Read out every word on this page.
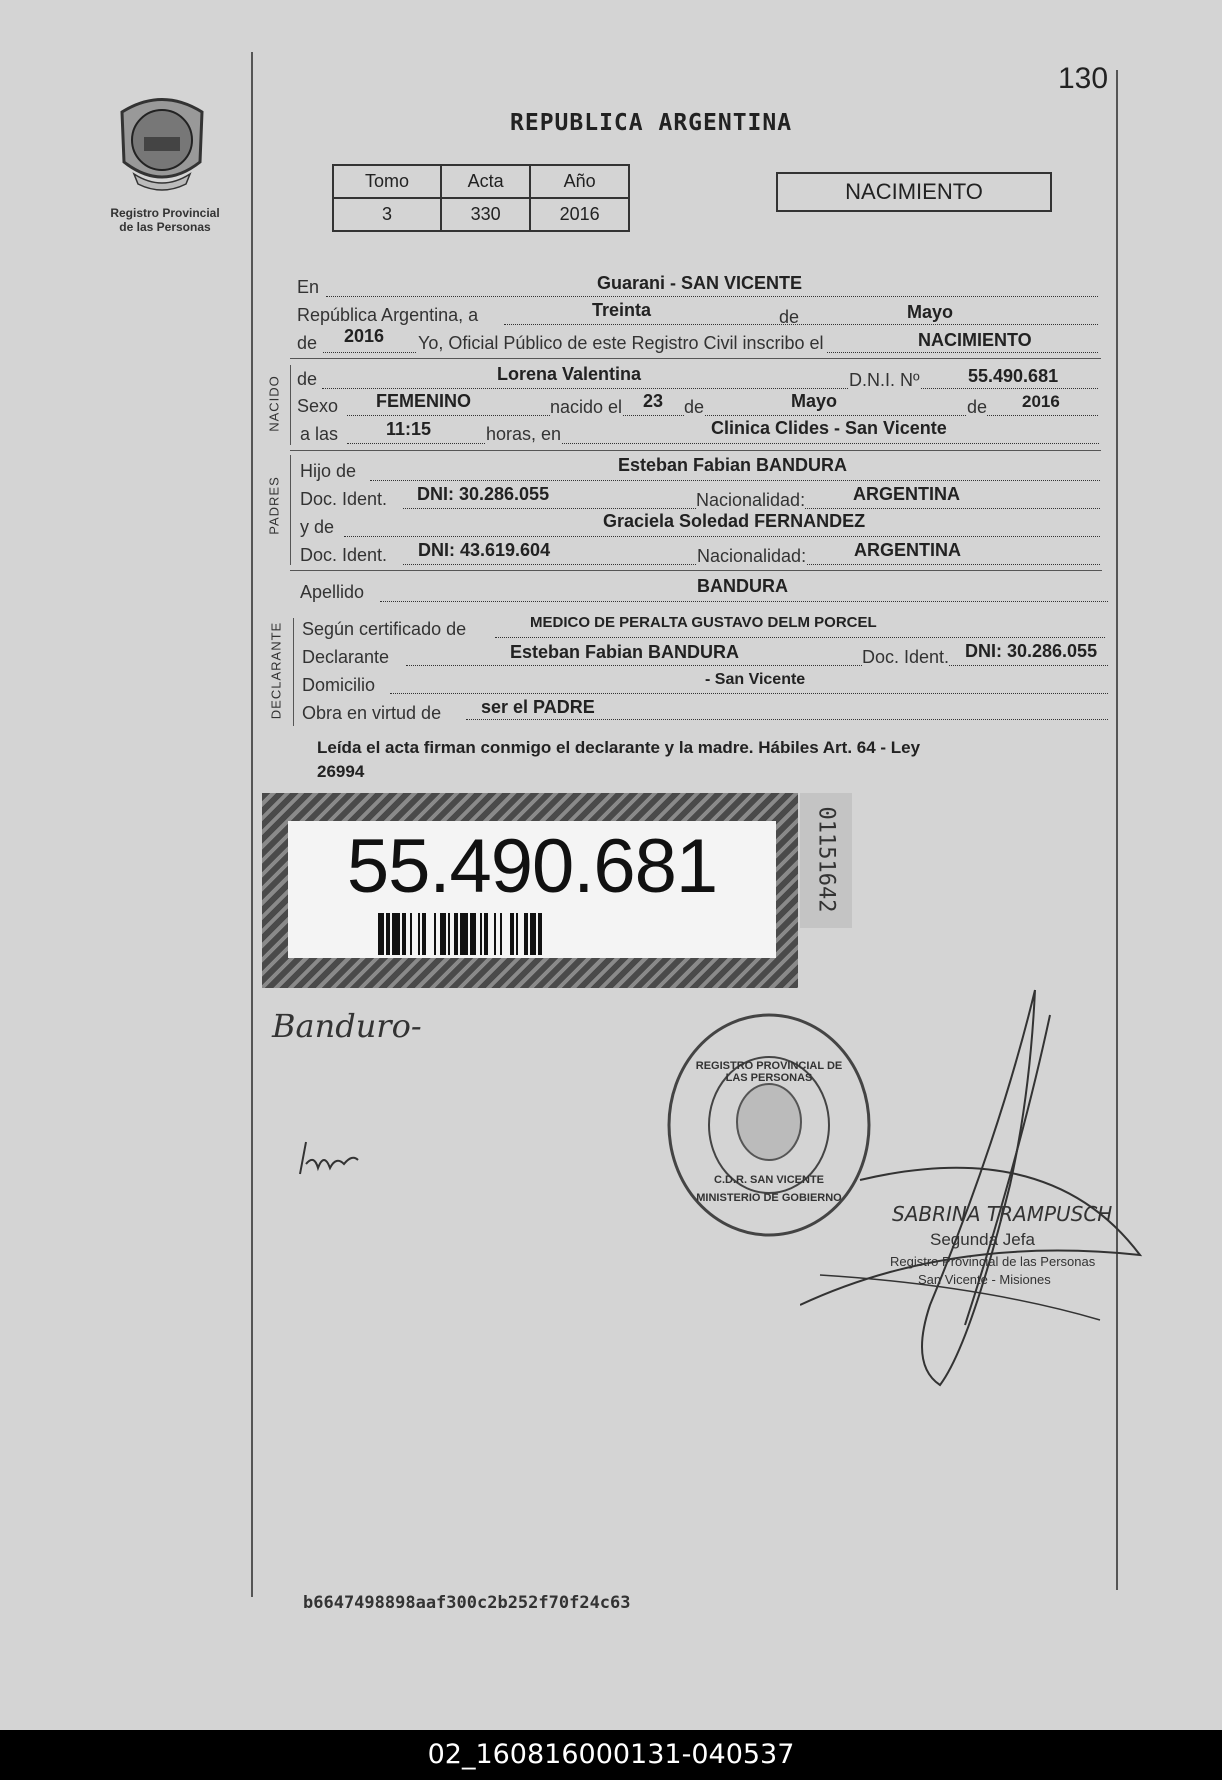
130
Registro Provincial
de las Personas
REPUBLICA ARGENTINA
Tomo	Acta	Año
3	330	2016
NACIMIENTO
En	Guarani - SAN VICENTE
República Argentina, a	Treinta	de	Mayo
de 2016 Yo, Oficial Público de este Registro Civil inscribo el	NACIMIENTO
NACIDO de	Lorena Valentina	D.N.I. Nº	55.490.681
Sexo FEMENINO	nacido el 23 de	Mayo	de 2016
a las	11:15	horas, en	Clinica Clides - San Vicente
PADRES
Hijo de	Esteban Fabian BANDURA
Doc. Ident. DNI: 30.286.055	Nacionalidad:	ARGENTINA
y de	Graciela Soledad FERNANDEZ
Doc. Ident. DNI: 43.619.604	Nacionalidad:	ARGENTINA
Apellido	BANDURA
DECLARANTE Según certificado de	MEDICO DE PERALTA GUSTAVO DELM PORCEL
Declarante	Esteban Fabian BANDURA	Doc. Ident. DNI: 30.286.055
Domicilio	- San Vicente
Obra en virtud de ser el PADRE
Leída el acta firman conmigo el declarante y la madre. Hábiles Art. 64 - Ley
26994
55.490.681	01151642
Banduro-
REGISTRO PROVINCIAL DE LAS PERSONAS
C.D.R. SAN VICENTE
MINISTERIO DE GOBIERNO
SABRINA TRAMPUSCH
Segunda Jefa
Registro Provincial de las Personas
San Vicente - Misiones
b6647498898aaf300c2b252f70f24c63
02_160816000131-040537
